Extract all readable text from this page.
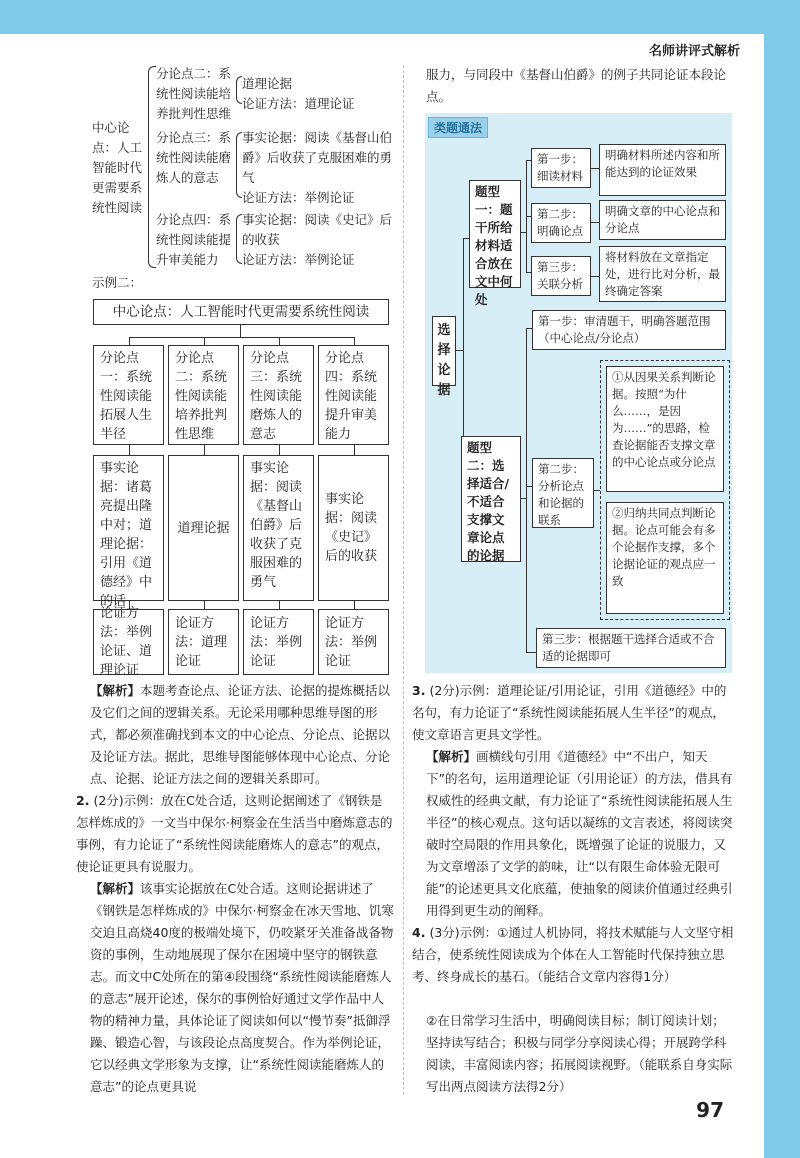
名师讲评式解析
中心论点：人工智能时代更需要系统性阅读
分论点二：系统性阅读能培养批判性思维
道理论据
论证方法：道理论证
分论点三：系统性阅读能磨炼人的意志
事实论据：阅读《基督山伯爵》后收获了克服困难的勇气
论证方法：举例论证
分论点四：系统性阅读能提升审美能力
事实论据：阅读《史记》后的收获
论证方法：举例论证
示例二：
中心论点：人工智能时代更需要系统性阅读
分论点一：系统性阅读能拓展人生半径
分论点二：系统性阅读能培养批判性思维
分论点三：系统性阅读能磨炼人的意志
分论点四：系统性阅读能提升审美能力
事实论据：诸葛亮提出隆中对；道理论据：引用《道德经》中的话
道理论据
事实论据：阅读《基督山伯爵》后收获了克服困难的勇气
事实论据：阅读《史记》后的收获
论证方法：举例论证、道理论证
论证方法：道理论证
论证方法：举例论证
论证方法：举例论证
【解析】本题考查论点、论证方法、论据的提炼概括以及它们之间的逻辑关系。无论采用哪种思维导图的形式，都必须准确找到本文的中心论点、分论点、论据以及论证方法。据此，思维导图能够体现中心论点、分论点、论据、论证方法之间的逻辑关系即可。
2. (2分)示例：放在C处合适，这则论据阐述了《钢铁是怎样炼成的》一文当中保尔·柯察金在生活当中磨炼意志的事例，有力论证了“系统性阅读能磨炼人的意志”的观点，使论证更具有说服力。
【解析】该事实论据放在C处合适。这则论据讲述了《钢铁是怎样炼成的》中保尔·柯察金在冰天雪地、饥寒交迫且高烧40度的极端处境下，仍咬紧牙关准备战备物资的事例，生动地展现了保尔在困境中坚守的钢铁意志。而文中C处所在的第④段围绕“系统性阅读能磨炼人的意志”展开论述，保尔的事例恰好通过文学作品中人物的精神力量，具体论证了阅读如何以“慢节奏”抵御浮躁、锻造心智，与该段论点高度契合。作为举例论证，它以经典文学形象为支撑，让“系统性阅读能磨炼人的意志”的论点更具说
服力，与同段中《基督山伯爵》的例子共同论证本段论点。
类题通法
选择论据
题型一：题干所给材料适合放在文中何处
第一步：细读材料
第二步：明确论点
第三步：关联分析
明确材料所述内容和所能达到的论证效果
明确文章的中心论点和分论点
将材料放在文章指定处，进行比对分析，最终确定答案
题型二：选择适合/不适合支撑文章论点的论据
第一步：审清题干，明确答题范围（中心论点/分论点）
第二步：分析论点和论据的联系
①从因果关系判断论据。按照“为什么……，是因为……”的思路，检查论据能否支撑文章的中心论点或分论点
②归纳共同点判断论据。论点可能会有多个论据作支撑，多个论据论证的观点应一致
第三步：根据题干选择合适或不合适的论据即可
3. (2分)示例：道理论证/引用论证，引用《道德经》中的名句，有力论证了“系统性阅读能拓展人生半径”的观点，使文章语言更具文学性。
【解析】画横线句引用《道德经》中“不出户，知天下”的名句，运用道理论证（引用论证）的方法，借具有权威性的经典文献，有力论证了“系统性阅读能拓展人生半径”的核心观点。这句话以凝练的文言表述，将阅读突破时空局限的作用具象化，既增强了论证的说服力，又为文章增添了文学的韵味，让“以有限生命体验无限可能”的论述更具文化底蕴，使抽象的阅读价值通过经典引用得到更生动的阐释。
4. (3分)示例：①通过人机协同，将技术赋能与人文坚守相结合，使系统性阅读成为个体在人工智能时代保持独立思考、终身成长的基石。（能结合文章内容得1分）
②在日常学习生活中，明确阅读目标；制订阅读计划；坚持读写结合；积极与同学分享阅读心得；开展跨学科阅读，丰富阅读内容；拓展阅读视野。（能联系自身实际写出两点阅读方法得2分）
97
